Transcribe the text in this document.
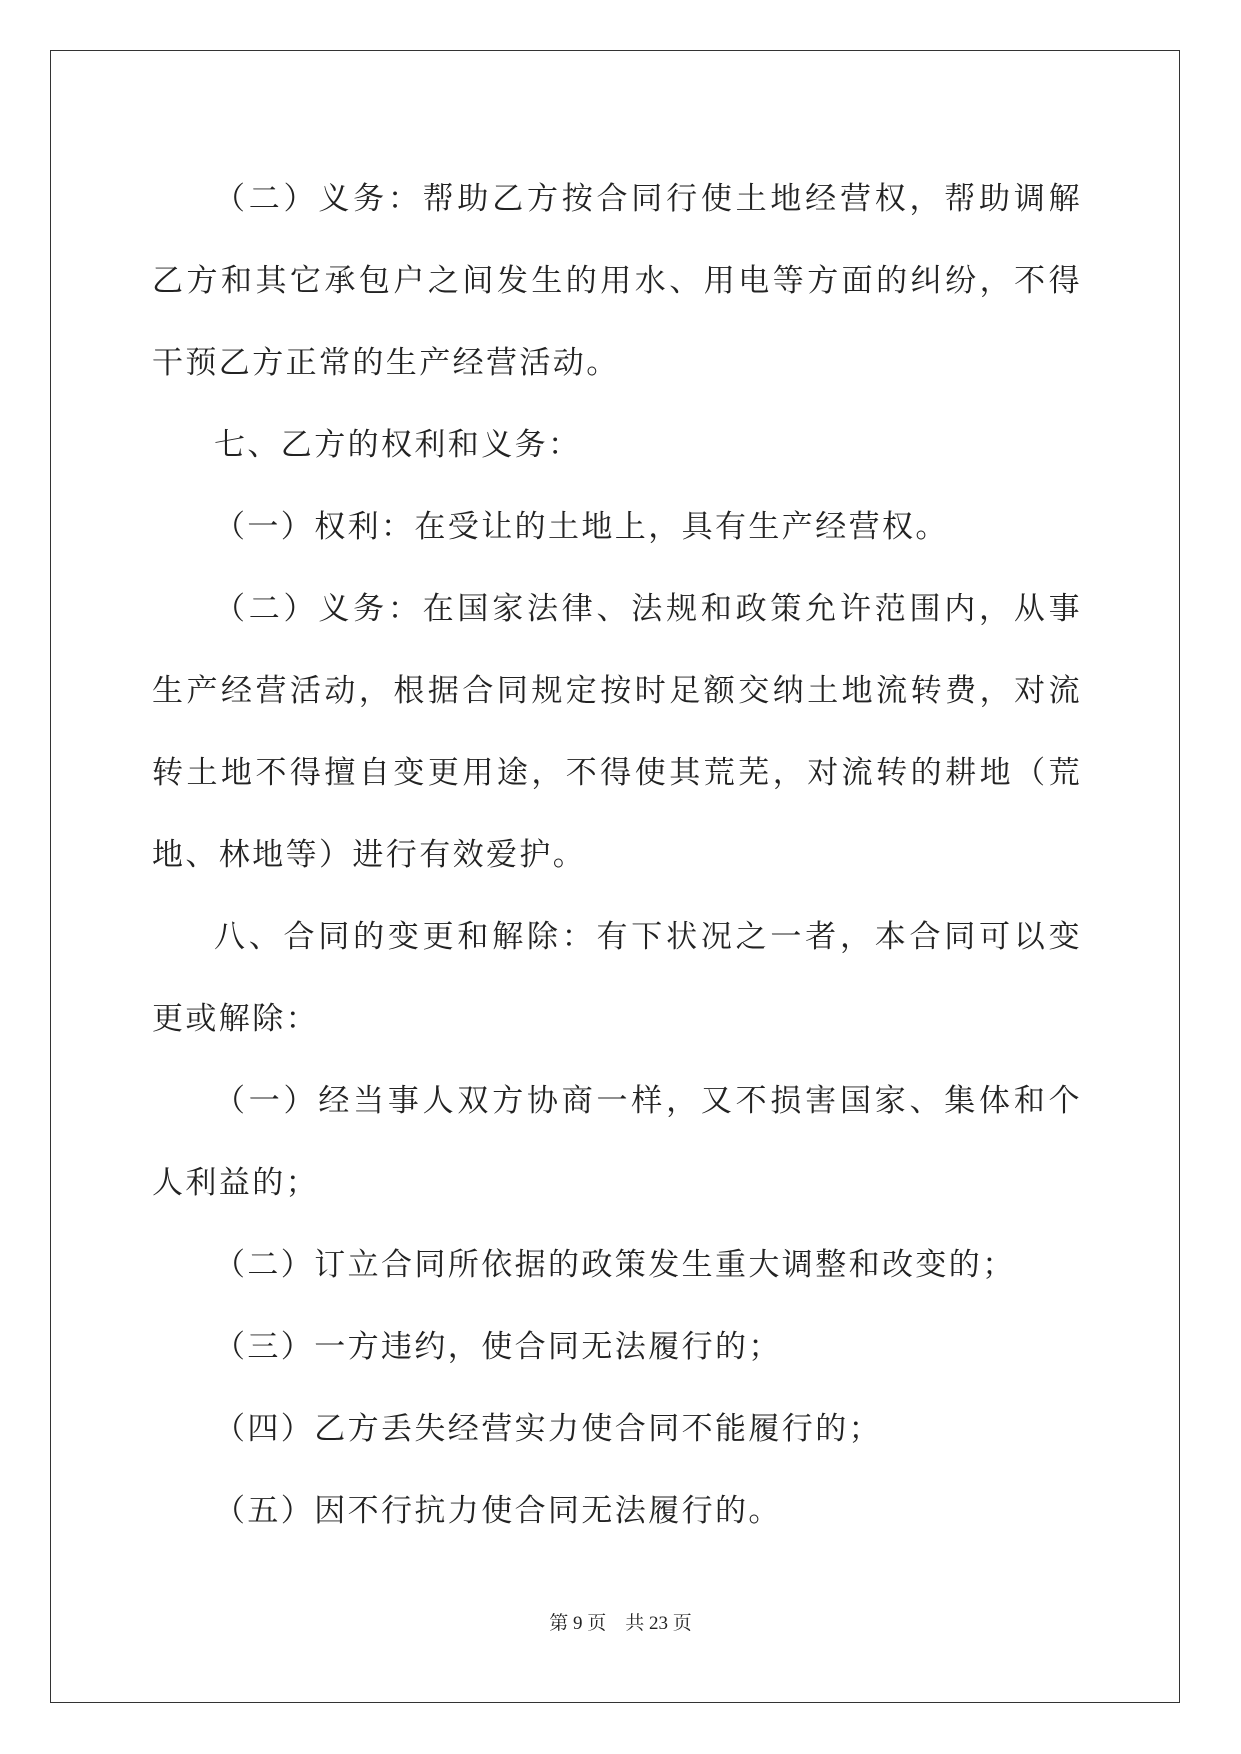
（二）义务：帮助乙方按合同行使土地经营权，帮助调解乙方和其它承包户之间发生的用水、用电等方面的纠纷，不得干预乙方正常的生产经营活动。

七、乙方的权利和义务：

（一）权利：在受让的土地上，具有生产经营权。

（二）义务：在国家法律、法规和政策允许范围内，从事生产经营活动，根据合同规定按时足额交纳土地流转费，对流转土地不得擅自变更用途，不得使其荒芜，对流转的耕地（荒地、林地等）进行有效爱护。

八、合同的变更和解除：有下状况之一者，本合同可以变更或解除：

（一）经当事人双方协商一样，又不损害国家、集体和个人利益的；

（二）订立合同所依据的政策发生重大调整和改变的；

（三）一方违约，使合同无法履行的；

（四）乙方丢失经营实力使合同不能履行的；

（五）因不行抗力使合同无法履行的。

第 9 页    共 23 页
